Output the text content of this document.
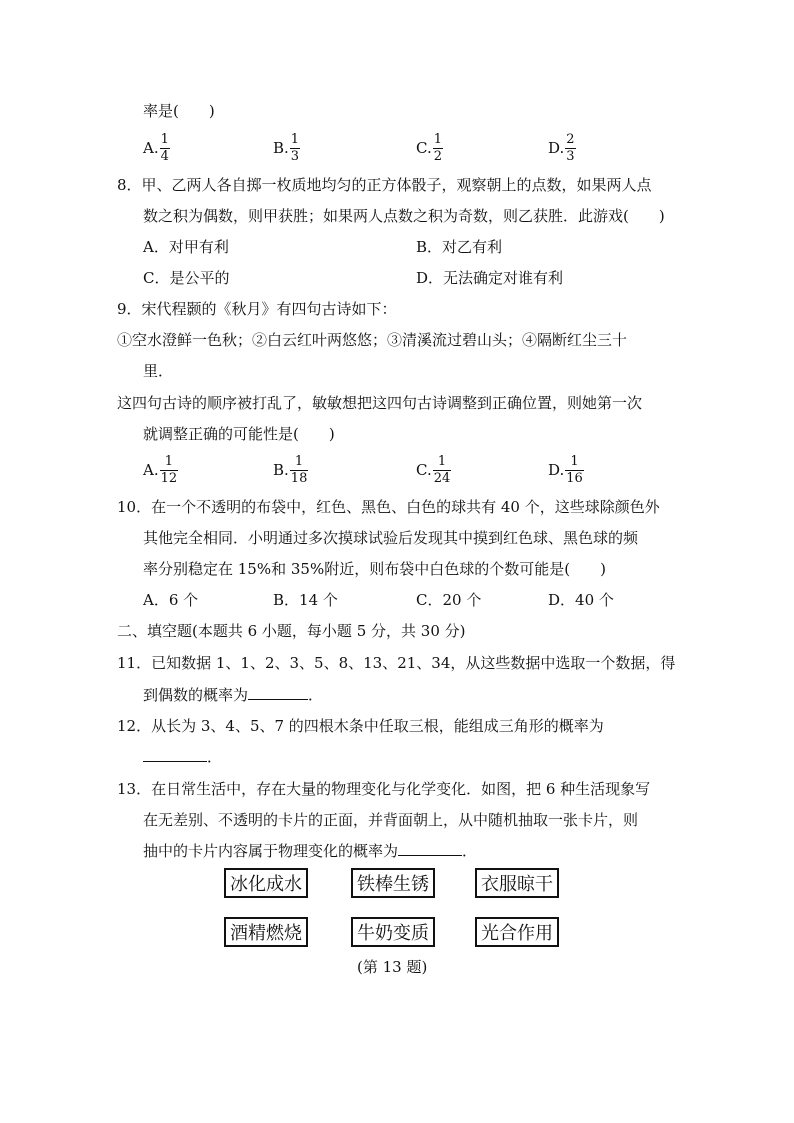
率是(　　)
A. $\frac{1}{4}$	B. $\frac{1}{3}$	C. $\frac{1}{2}$	D. $\frac{2}{3}$
8．甲、乙两人各自掷一枚质地均匀的正方体骰子，观察朝上的点数，如果两人点
数之积为偶数，则甲获胜；如果两人点数之积为奇数，则乙获胜．此游戏(　　)
A．对甲有利	B．对乙有利
C．是公平的	D．无法确定对谁有利
9．宋代程颢的《秋月》有四句古诗如下：
①空水澄鲜一色秋；②白云红叶两悠悠；③清溪流过碧山头；④隔断红尘三十
里．
这四句古诗的顺序被打乱了，敏敏想把这四句古诗调整到正确位置，则她第一次
就调整正确的可能性是(　　)
A. $\frac{1}{12}$	B. $\frac{1}{18}$	C. $\frac{1}{24}$	D. $\frac{1}{16}$
10．在一个不透明的布袋中，红色、黑色、白色的球共有 40 个，这些球除颜色外
其他完全相同．小明通过多次摸球试验后发现其中摸到红色球、黑色球的频
率分别稳定在 15%和 35%附近，则布袋中白色球的个数可能是(　　)
A．6 个	B．14 个	C．20 个	D．40 个
二、填空题(本题共 6 小题，每小题 5 分，共 30 分)
11．已知数据 1、1、2、3、5、8、13、21、34，从这些数据中选取一个数据，得
到偶数的概率为	．
12．从长为 3、4、5、7 的四根木条中任取三根，能组成三角形的概率为
．
13．在日常生活中，存在大量的物理变化与化学变化．如图，把 6 种生活现象写
在无差别、不透明的卡片的正面，并背面朝上，从中随机抽取一张卡片，则
抽中的卡片内容属于物理变化的概率为	．
冰化成水	铁棒生锈	衣服晾干
酒精燃烧	牛奶变质	光合作用
(第 13 题)
